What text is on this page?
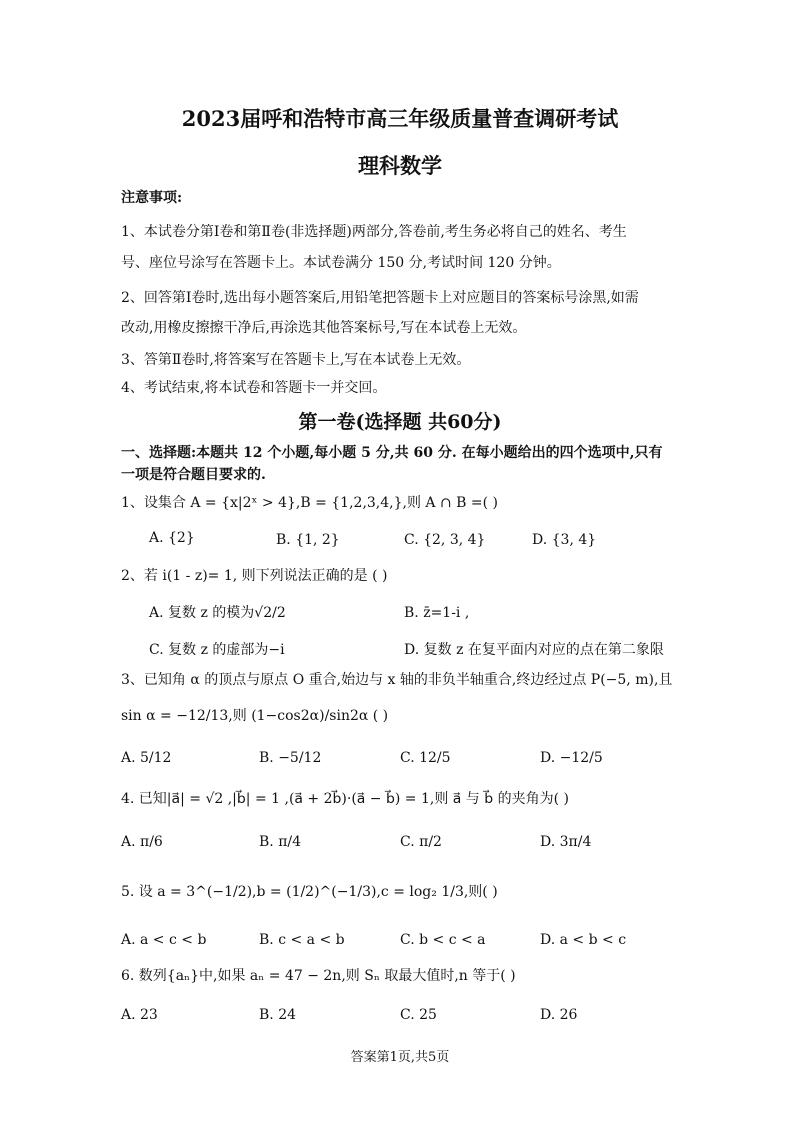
2023届呼和浩特市高三年级质量普查调研考试
理科数学
注意事项:
1、本试卷分第Ⅰ卷和第Ⅱ卷(非选择题)两部分,答卷前,考生务必将自己的姓名、考生
号、座位号涂写在答题卡上。本试卷满分 150 分,考试时间 120 分钟。
2、回答第Ⅰ卷时,选出每小题答案后,用铅笔把答题卡上对应题目的答案标号涂黑,如需
改动,用橡皮擦擦干净后,再涂选其他答案标号,写在本试卷上无效。
3、答第Ⅱ卷时,将答案写在答题卡上,写在本试卷上无效。
4、考试结束,将本试卷和答题卡一并交回。
第一卷(选择题 共60分)
一、选择题:本题共 12 个小题,每小题 5 分,共 60 分. 在每小题给出的四个选项中,只有
一项是符合题目要求的.
1、设集合 A = {x|2ˣ > 4},B = {1,2,3,4,},则 A ∩ B =( )
A. {2}	B. {1, 2}	C. {2, 3, 4}	D. {3, 4}
2、若 i(1 - z)= 1, 则下列说法正确的是 ( )
A. 复数 z 的模为√2/2	B. z̄=1-i ,
C. 复数 z 的虚部为−i	D. 复数 z 在复平面内对应的点在第二象限
3、已知角 α 的顶点与原点 O 重合,始边与 x 轴的非负半轴重合,终边经过点 P(−5, m),且
sin α = −12/13,则 (1−cos2α)/sin2α ( )
A. 5/12	B. −5/12	C. 12/5	D. −12/5
4. 已知|a⃗| = √2 ,|b⃗| = 1 ,(a⃗ + 2b⃗)·(a⃗ − b⃗) = 1,则 a⃗ 与 b⃗ 的夹角为( )
A. π/6	B. π/4	C. π/2	D. 3π/4
5. 设 a = 3^(−1/2),b = (1/2)^(−1/3),c = log₂ 1/3,则( )
A. a < c < b	B. c < a < b	C. b < c < a	D. a < b < c
6. 数列{aₙ}中,如果 aₙ = 47 − 2n,则 Sₙ 取最大值时,n 等于( )
A. 23	B. 24	C. 25	D. 26
答案第1页,共5页
